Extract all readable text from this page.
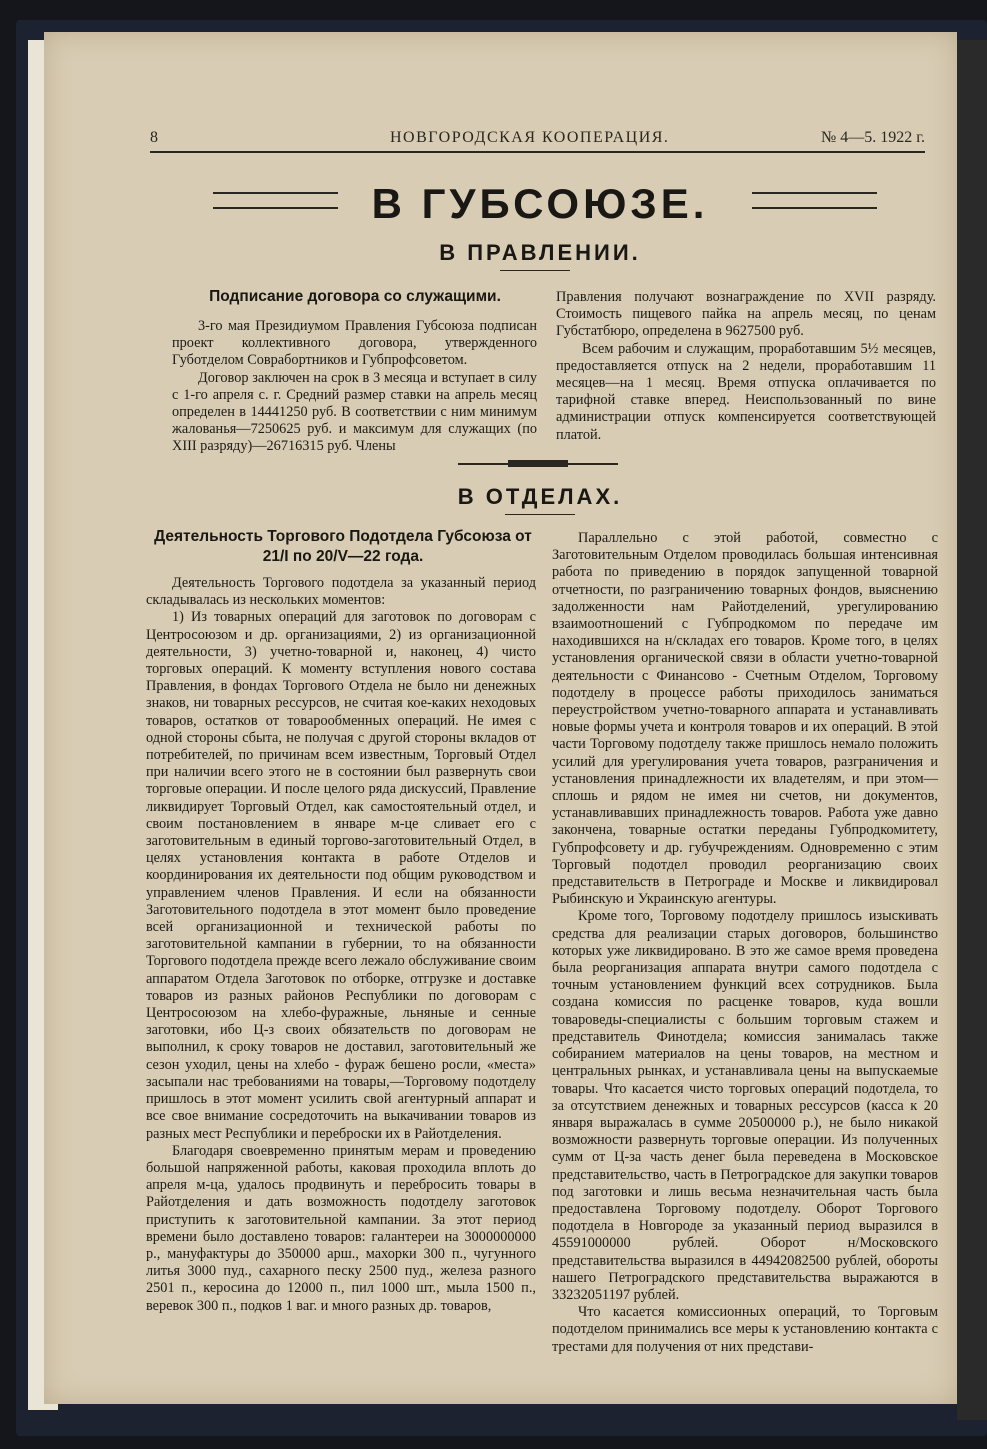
8	НОВГОРОДСКАЯ КООПЕРАЦИЯ.	№ 4—5. 1922 г.
В ГУБСОЮЗЕ.
В ПРАВЛЕНИИ.
Подписание договора со служащими.

3-го мая Президиумом Правления Губсоюза подписан проект коллективного договора, утвержденного Губотделом Соврабортников и Губпрофсоветом.

Договор заключен на срок в 3 месяца и вступает в силу с 1-го апреля с. г. Средний размер ставки на апрель месяц определен в 14441250 руб. В соответствии с ним минимум жалованья—7250625 руб. и максимум для служащих (по XIII разряду)—26716315 руб. Члены

Правления получают вознаграждение по XVII разряду. Стоимость пищевого пайка на апрель месяц, по ценам Губстатбюро, определена в 9627500 руб.

Всем рабочим и служащим, проработавшим 5½ месяцев, предоставляется отпуск на 2 недели, проработавшим 11 месяцев—на 1 месяц. Время отпуска оплачивается по тарифной ставке вперед. Неиспользованный по вине администрации отпуск компенсируется соответствующей платой.

В ОТДЕЛАХ.
Деятельность Торгового Подотдела Губсоюза от
21/I по 20/V—22 года.

Деятельность Торгового подотдела за указанный период складывалась из нескольких моментов:

1) Из товарных операций для заготовок по договорам с Центросоюзом и др. организациями, 2) из организационной деятельности, 3) учетно-товарной и, наконец, 4) чисто торговых операций. К моменту вступления нового состава Правления, в фондах Торгового Отдела не было ни денежных знаков, ни товарных рессурсов, не считая кое-каких неходовых товаров, остатков от товарообменных операций. Не имея с одной стороны сбыта, не получая с другой стороны вкладов от потребителей, по причинам всем известным, Торговый Отдел при наличии всего этого не в состоянии был развернуть свои торговые операции. И после целого ряда дискуссий, Правление ликвидирует Торговый Отдел, как самостоятельный отдел, и своим постановлением в январе м-це сливает его с заготовительным в единый торгово-заготовительный Отдел, в целях установления контакта в работе Отделов и координирования их деятельности под общим руководством и управлением членов Правления. И если на обязанности Заготовительного подотдела в этот момент было проведение всей организационной и технической работы по заготовительной кампании в губернии, то на обязанности Торгового подотдела прежде всего лежало обслуживание своим аппаратом Отдела Заготовок по отборке, отгрузке и доставке товаров из разных районов Республики по договорам с Центросоюзом на хлебо-фуражные, льняные и сенные заготовки, ибо Ц-з своих обязательств по договорам не выполнил, к сроку товаров не доставил, заготовительный же сезон уходил, цены на хлебо - фураж бешено росли, «места» засыпали нас требованиями на товары,—Торговому подотделу пришлось в этот момент усилить свой агентурный аппарат и все свое внимание сосредоточить на выкачивании товаров из разных мест Республики и переброски их в Райотделения.

Благодаря своевременно принятым мерам и проведению большой напряженной работы, каковая проходила вплоть до апреля м-ца, удалось продвинуть и перебросить товары в Райотделения и дать возможность подотделу заготовок приступить к заготовительной кампании. За этот период времени было доставлено товаров: галантереи на 3000000000 р., мануфактуры до 350000 арш., махорки 300 п., чугунного литья 3000 пуд., сахарного песку 2500 пуд., железа разного 2501 п., керосина до 12000 п., пил 1000 шт., мыла 1500 п., веревок 300 п., подков 1 ваг. и много разных др. товаров,

Параллельно с этой работой, совместно с Заготовительным Отделом проводилась большая интенсивная работа по приведению в порядок запущенной товарной отчетности, по разграничению товарных фондов, выяснению задолженности нам Райотделений, урегулированию взаимоотношений с Губпродкомом по передаче им находившихся на н/складах его товаров. Кроме того, в целях установления органической связи в области учетно-товарной деятельности с Финансово - Счетным Отделом, Торговому подотделу в процессе работы приходилось заниматься переустройством учетно-товарного аппарата и устанавливать новые формы учета и контроля товаров и их операций. В этой части Торговому подотделу также пришлось немало положить усилий для урегулирования учета товаров, разграничения и установления принадлежности их владетелям, и при этом—сплошь и рядом не имея ни счетов, ни документов, устанавливавших принадлежность товаров. Работа уже давно закончена, товарные остатки переданы Губпродкомитету, Губпрофсовету и др. губучреждениям. Одновременно с этим Торговый подотдел проводил реорганизацию своих представительств в Петрограде и Москве и ликвидировал Рыбинскую и Украинскую агентуры.

Кроме того, Торговому подотделу пришлось изыскивать средства для реализации старых договоров, большинство которых уже ликвидировано. В это же самое время проведена была реорганизация аппарата внутри самого подотдела с точным установлением функций всех сотрудников. Была создана комиссия по расценке товаров, куда вошли товароведы-специалисты с большим торговым стажем и представитель Финотдела; комиссия занималась также собиранием материалов на цены товаров, на местном и центральных рынках, и устанавливала цены на выпускаемые товары. Что касается чисто торговых операций подотдела, то за отсутствием денежных и товарных рессурсов (касса к 20 января выражалась в сумме 20500000 р.), не было никакой возможности развернуть торговые операции. Из полученных сумм от Ц-за часть денег была переведена в Московское представительство, часть в Петроградское для закупки товаров под заготовки и лишь весьма незначительная часть была предоставлена Торговому подотделу. Оборот Торгового подотдела в Новгороде за указанный период выразился в 45591000000 рублей. Оборот н/Московского представительства выразился в 44942082500 рублей, обороты нашего Петроградского представительства выражаются в 33232051197 рублей.

Что касается комиссионных операций, то Торговым подотделом принимались все меры к установлению контакта с трестами для получения от них представи-
